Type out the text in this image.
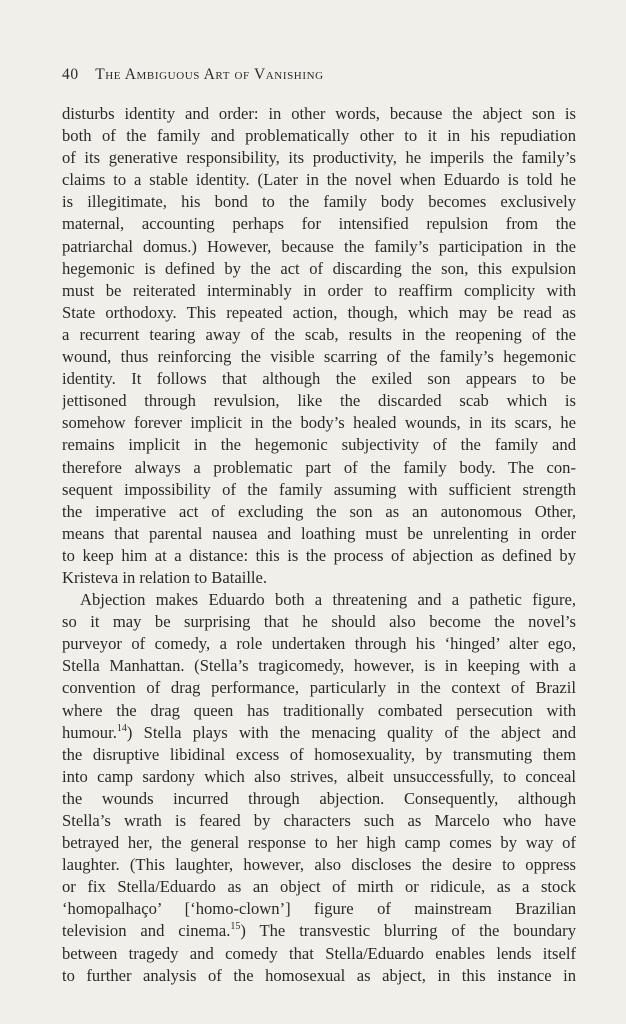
40 The Ambiguous Art of Vanishing
disturbs identity and order: in other words, because the abject son is
both of the family and problematically other to it in his repudiation
of its generative responsibility, its productivity, he imperils the family’s
claims to a stable identity. (Later in the novel when Eduardo is told he
is illegitimate, his bond to the family body becomes exclusively
maternal, accounting perhaps for intensified repulsion from the
patriarchal domus.) However, because the family’s participation in the
hegemonic is defined by the act of discarding the son, this expulsion
must be reiterated interminably in order to reaffirm complicity with
State orthodoxy. This repeated action, though, which may be read as
a recurrent tearing away of the scab, results in the reopening of the
wound, thus reinforcing the visible scarring of the family’s hegemonic
identity. It follows that although the exiled son appears to be
jettisoned through revulsion, like the discarded scab which is
somehow forever implicit in the body’s healed wounds, in its scars, he
remains implicit in the hegemonic subjectivity of the family and
therefore always a problematic part of the family body. The con-
sequent impossibility of the family assuming with sufficient strength
the imperative act of excluding the son as an autonomous Other,
means that parental nausea and loathing must be unrelenting in order
to keep him at a distance: this is the process of abjection as defined by
Kristeva in relation to Bataille.
Abjection makes Eduardo both a threatening and a pathetic figure,
so it may be surprising that he should also become the novel’s
purveyor of comedy, a role undertaken through his ‘hinged’ alter ego,
Stella Manhattan. (Stella’s tragicomedy, however, is in keeping with a
convention of drag performance, particularly in the context of Brazil
where the drag queen has traditionally combated persecution with
humour.$^{14}$) Stella plays with the menacing quality of the abject and
the disruptive libidinal excess of homosexuality, by transmuting them
into camp sardony which also strives, albeit unsuccessfully, to conceal
the wounds incurred through abjection. Consequently, although
Stella’s wrath is feared by characters such as Marcelo who have
betrayed her, the general response to her high camp comes by way of
laughter. (This laughter, however, also discloses the desire to oppress
or fix Stella/Eduardo as an object of mirth or ridicule, as a stock
‘homopalhaço’ [‘homo-clown’] figure of mainstream Brazilian
television and cinema.$^{15}$) The transvestic blurring of the boundary
between tragedy and comedy that Stella/Eduardo enables lends itself
to further analysis of the homosexual as abject, in this instance in
